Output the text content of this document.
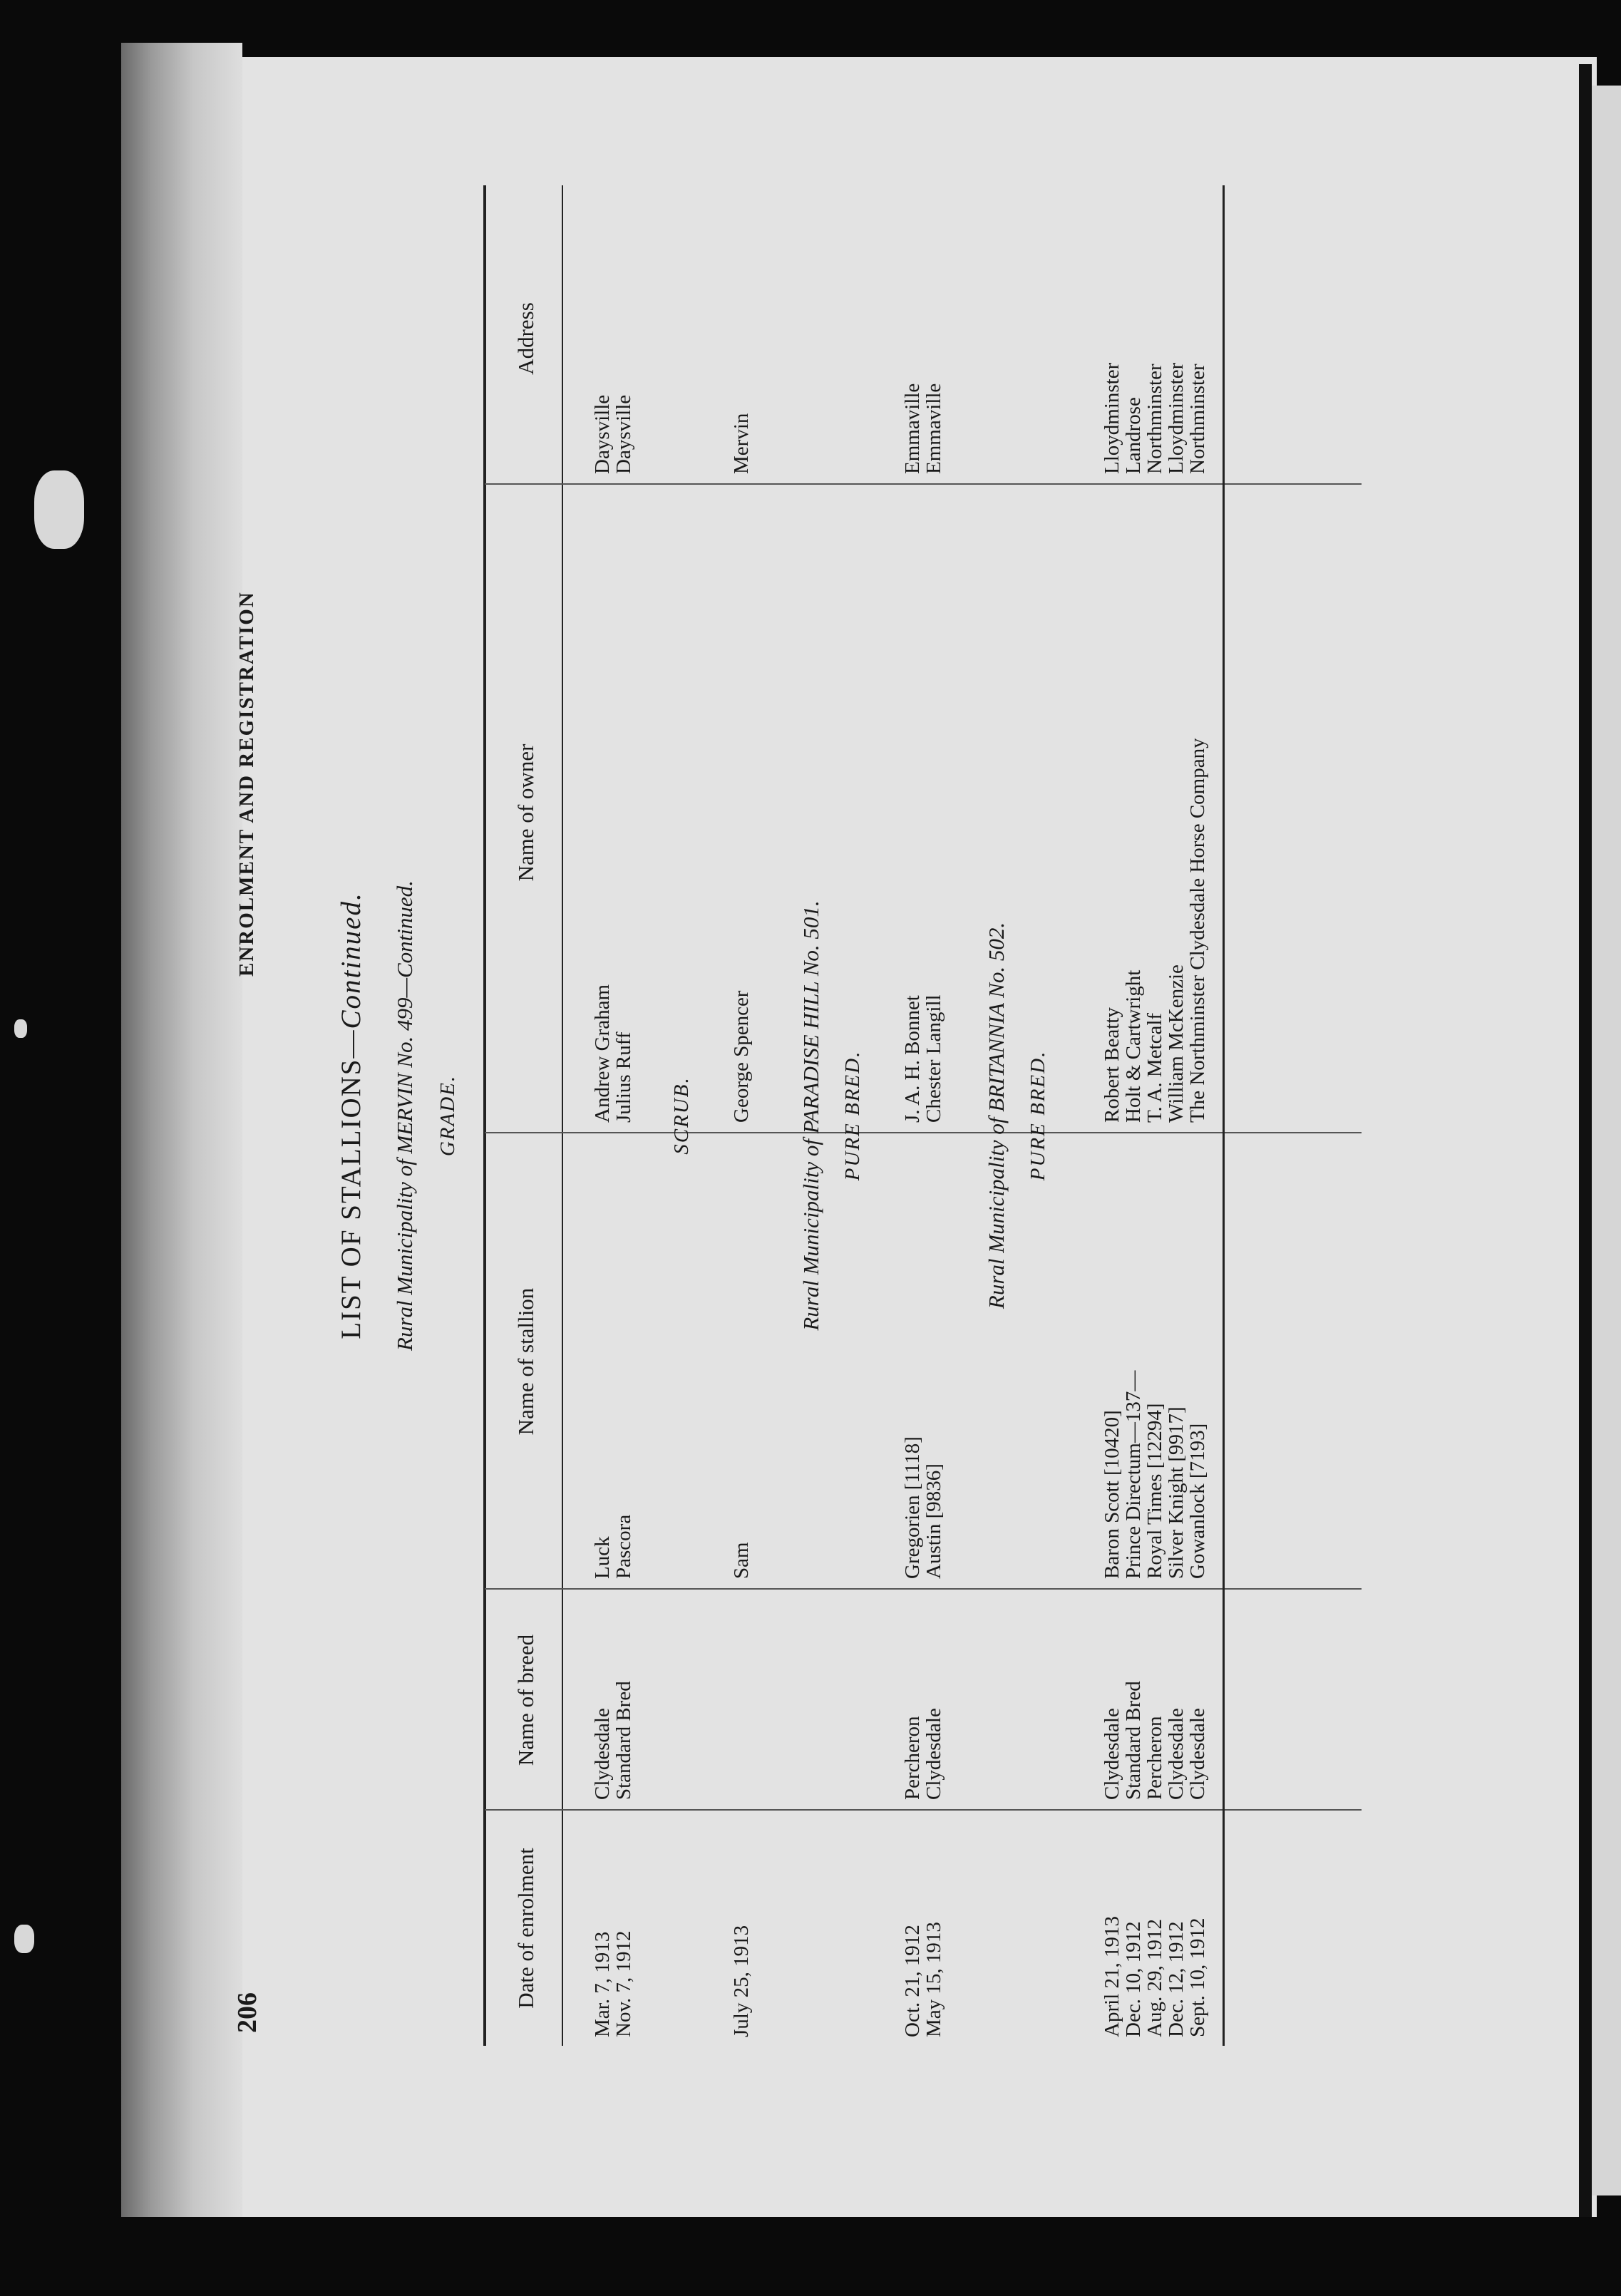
206
ENROLMENT AND REGISTRATION
LIST OF STALLIONS—Continued. Rural Municipality of MERVIN No. 499—Continued. GRADE.
Date of enrolment
Name of breed
Name of stallion
Name of owner
Address
Mar. 7, 1913
Clydesdale
Luck
Andrew Graham
Daysville
Nov. 7, 1912
Standard Bred
Pascora
Julius Ruff
Daysville
SCRUB.
July 25, 1913
Sam
George Spencer
Mervin
Rural Municipality of PARADISE HILL No. 501. PURE BRED.
Oct. 21, 1912
Percheron
Gregorien [1118]
J. A. H. Bonnet
Emmaville
May 15, 1913
Clydesdale
Austin [9836]
Chester Langill
Emmaville
Rural Municipality of BRITANNIA No. 502. PURE BRED.
April 21, 1913
Clydesdale
Baron Scott [10420]
Robert Beatty
Lloydminster
Dec. 10, 1912
Standard Bred
Prince Directum—137—
Holt & Cartwright
Landrose
Aug. 29, 1912
Percheron
Royal Times [12294]
T. A. Metcalf
Northminster
Dec. 12, 1912
Clydesdale
Silver Knight [9917]
William McKenzie
Lloydminster
Sept. 10, 1912
Clydesdale
Gowanlock [7193]
The Northminster Clydesdale Horse Company
Northminster
